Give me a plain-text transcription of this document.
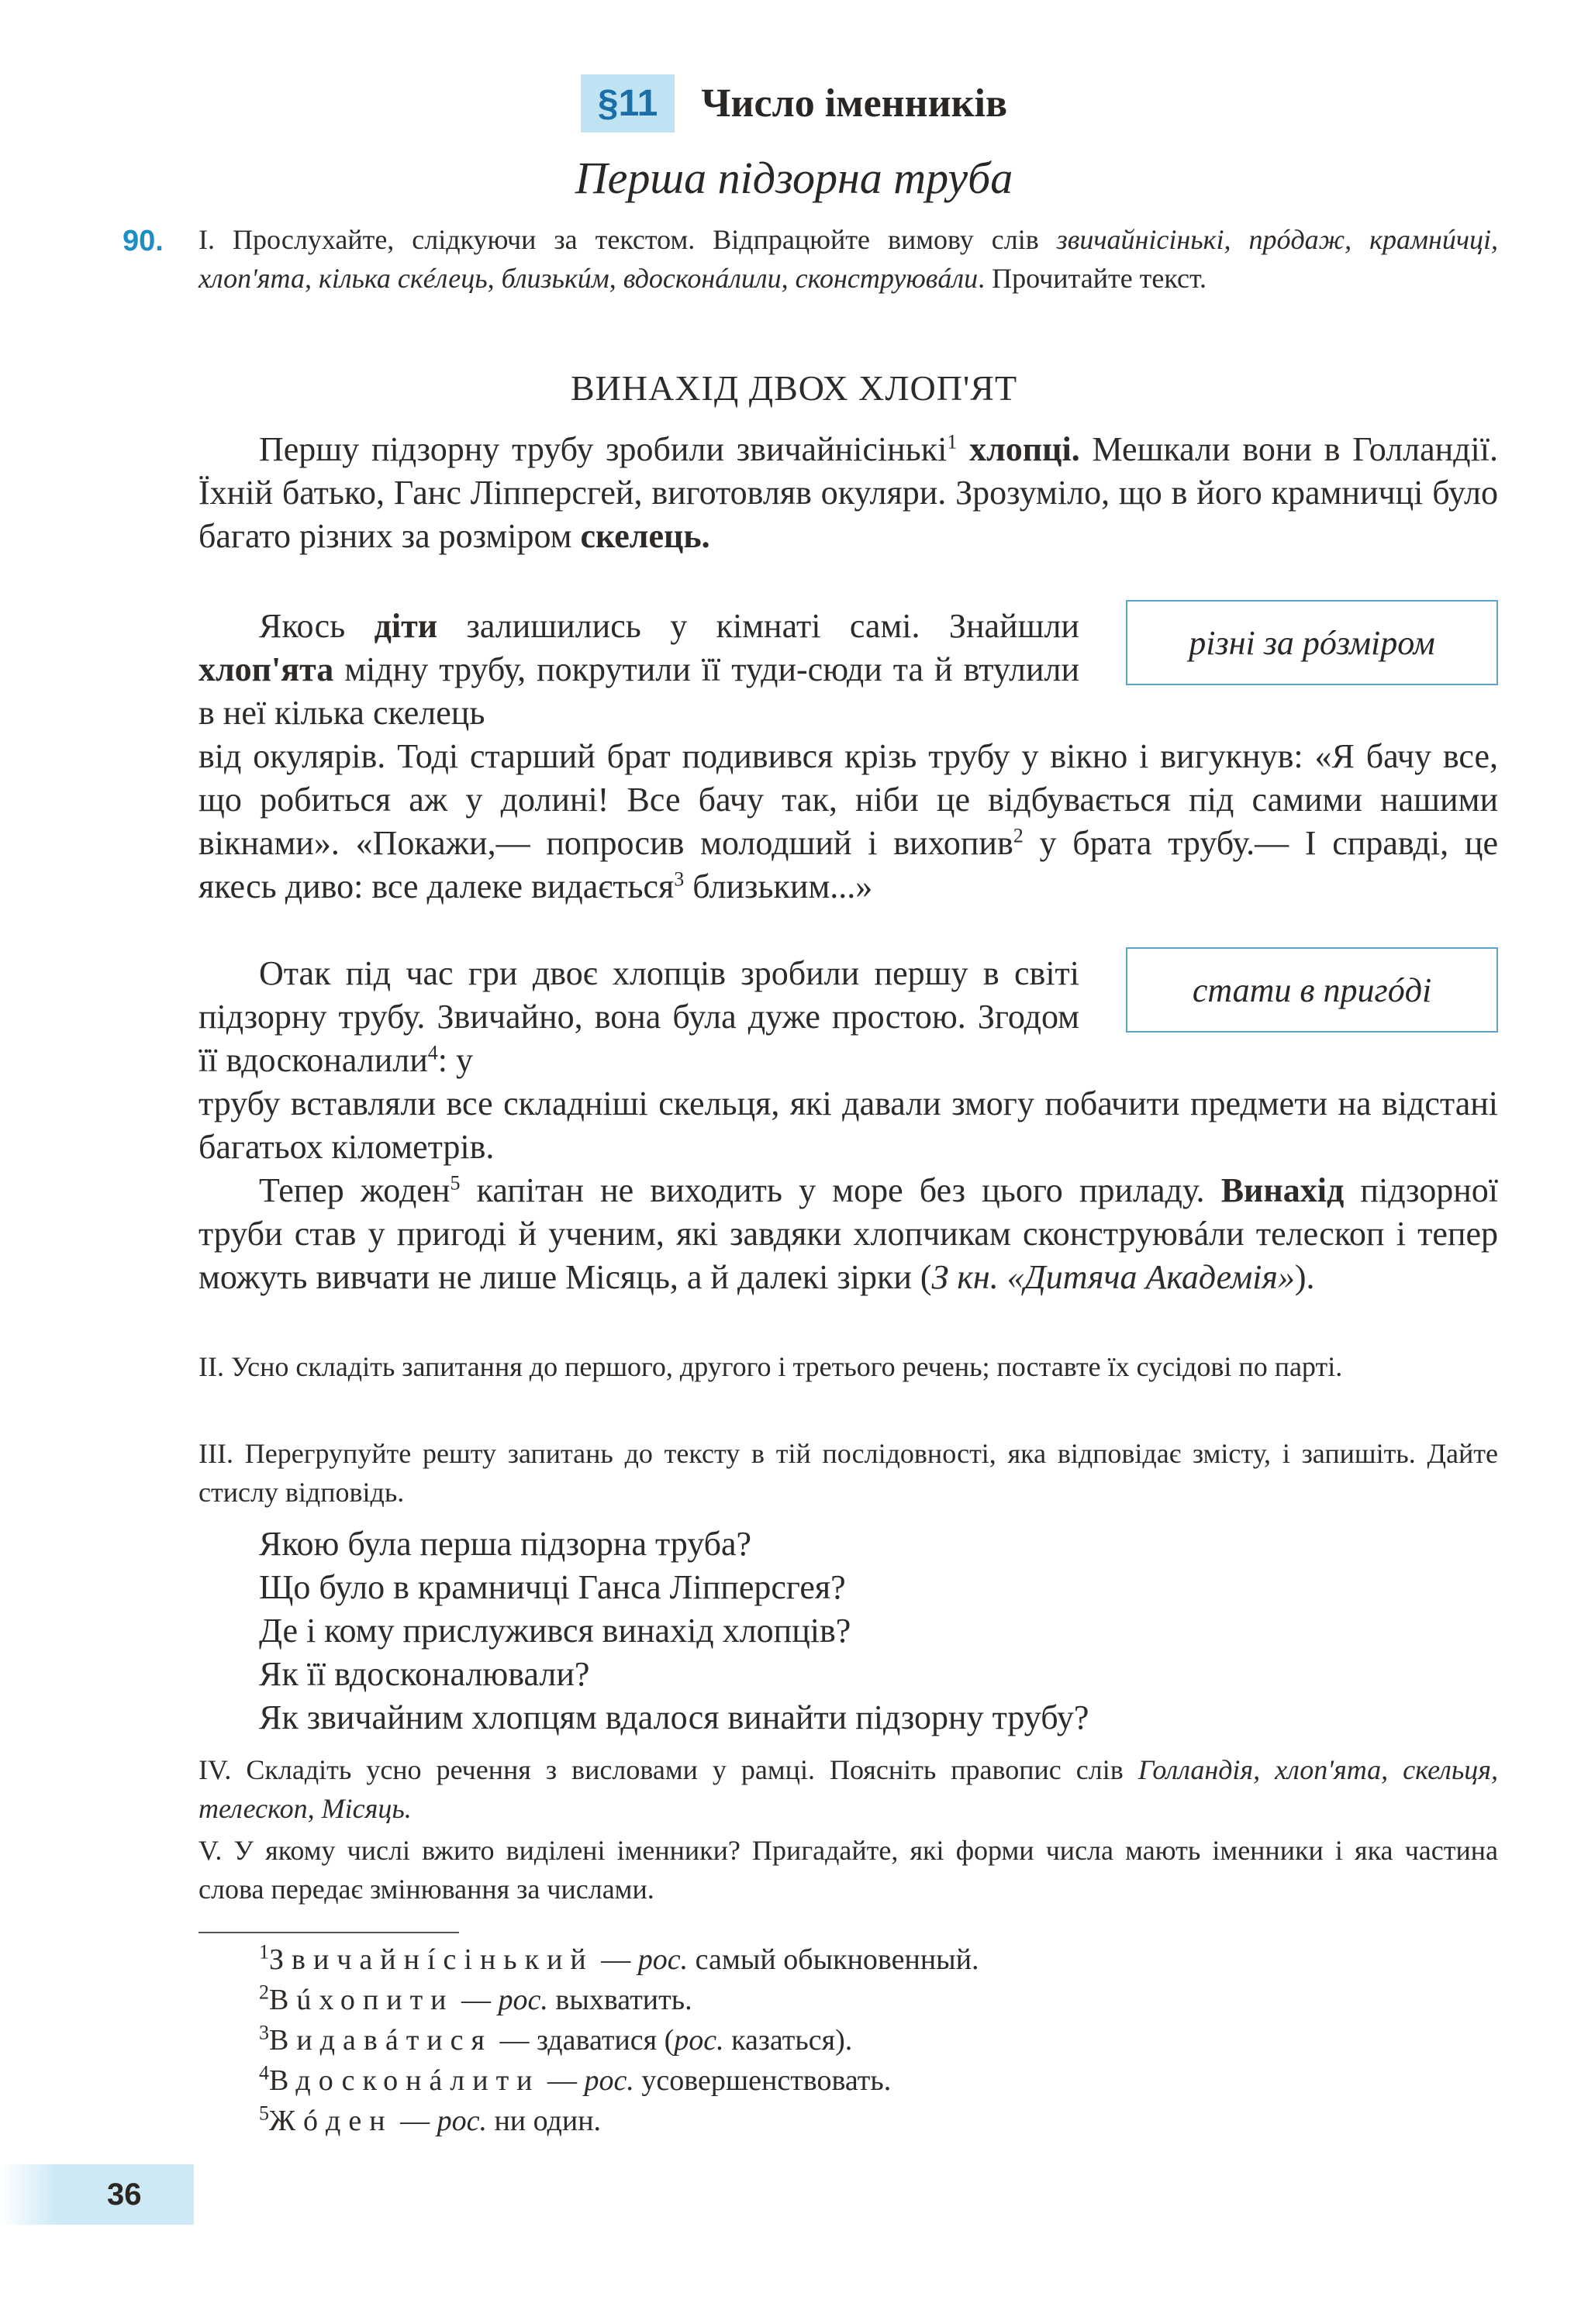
§11 Число іменників
Перша підзорна труба
90. I. Прослухайте, слідкуючи за текстом. Відпрацюйте вимову слів звичайнісінькі, прóдаж, крамнúчці, хлоп'ята, кілька скéлець, близькúм, вдосконáлили, сконструювáли. Прочитайте текст.
ВИНАХІД ДВОХ ХЛОП'ЯТ
Першу підзорну трубу зробили звичайнісінькі$^1$ хлопці. Мешкали вони в Голландії. Їхній батько, Ганс Ліпперсгей, виготовляв окуляри. Зрозуміло, що в його крамничці було багато різних за розміром скелець.
Якось діти залишились у кімнаті самі. Знайшли хлоп'ята мідну трубу, покрутили її туди-сюди та й втулили в неї кілька скелець
різні за рóзміром
від окулярів. Тоді старший брат подивився крізь трубу у вікно і вигукнув: «Я бачу все, що робиться аж у долині! Все бачу так, ніби це відбувається під самими нашими вікнами». «Покажи,— попросив молодший і вихопив$^2$ у брата трубу.— І справді, це якесь диво: все далеке видається$^3$ близьким...»
Отак під час гри двоє хлопців зробили першу в світі підзорну трубу. Звичайно, вона була дуже простою. Згодом її вдосконалили$^4$: у
стати в пригóді
трубу вставляли все складніші скельця, які давали змогу побачити предмети на відстані багатьох кілометрів.
Тепер жоден$^5$ капітан не виходить у море без цього приладу. Винахід підзорної труби став у пригоді й ученим, які завдяки хлопчикам сконструювáли телескоп і тепер можуть вивчати не лише Місяць, а й далекі зірки (З кн. «Дитяча Академія»).
II. Усно складіть запитання до першого, другого і третього речень; поставте їх сусідові по парті.
III. Перегрупуйте решту запитань до тексту в тій послідовності, яка відповідає змісту, і запишіть. Дайте стислу відповідь.
Якою була перша підзорна труба?
Що було в крамничці Ганса Ліпперсгея?
Де і кому прислужився винахід хлопців?
Як її вдосконалювали?
Як звичайним хлопцям вдалося винайти підзорну трубу?
IV. Складіть усно речення з висловами у рамці. Поясніть правопис слів Голландія, хлоп'ята, скельця, телескоп, Місяць.
V. У якому числі вжито виділені іменники? Пригадайте, які форми числа мають іменники і яка частина слова передає змінювання за числами.
$^1$Звичайнíсінький — рос. самый обыкновенный.
$^2$Вúхопити — рос. выхватить.
$^3$Видавáтися — здаватися (рос. казаться).
$^4$Вдосконáлити — рос. усовершенствовать.
$^5$Жóден — рос. ни один.
36
